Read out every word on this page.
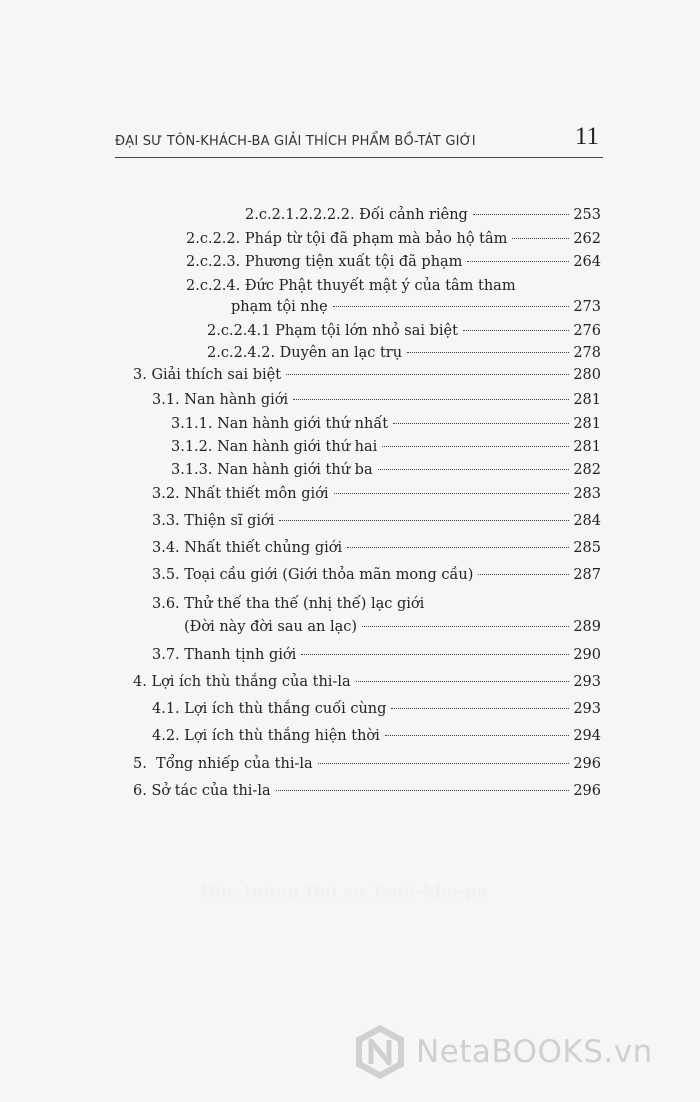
ĐẠI SƯ TÔN-KHÁCH-BA GIẢI THÍCH PHẨM BỒ-TÁT GIỚI	11
2.c.2.1.2.2.2.2. Đối cảnh riêng	253
2.c.2.2. Pháp từ tội đã phạm mà bảo hộ tâm	262
2.c.2.3. Phương tiện xuất tội đã phạm	264
2.c.2.4. Đức Phật thuyết mật ý của tâm tham
phạm tội nhẹ	273
2.c.2.4.1 Phạm tội lớn nhỏ sai biệt	276
2.c.2.4.2. Duyên an lạc trụ	278
3. Giải thích sai biệt	280
3.1. Nan hành giới	281
3.1.1. Nan hành giới thứ nhất	281
3.1.2. Nan hành giới thứ hai	281
3.1.3. Nan hành giới thứ ba	282
3.2. Nhất thiết môn giới	283
3.3. Thiện sĩ giới	284
3.4. Nhất thiết chủng giới	285
3.5. Toại cầu giới (Giới thỏa mãn mong cầu)	287
3.6. Thử thế tha thế (nhị thế) lạc giới
(Đời này đời sau an lạc)	289
3.7. Thanh tịnh giới	290
4. Lợi ích thù thắng của thi-la	293
4.1. Lợi ích thù thắng cuối cùng	293
4.2. Lợi ích thù thắng hiện thời	294
5.  Tổng nhiếp của thi-la	296
6. Sở tác của thi-la	296
Đức tướng Đại sư Tsoũ-kha-pa
NetaBOOKS.vn
